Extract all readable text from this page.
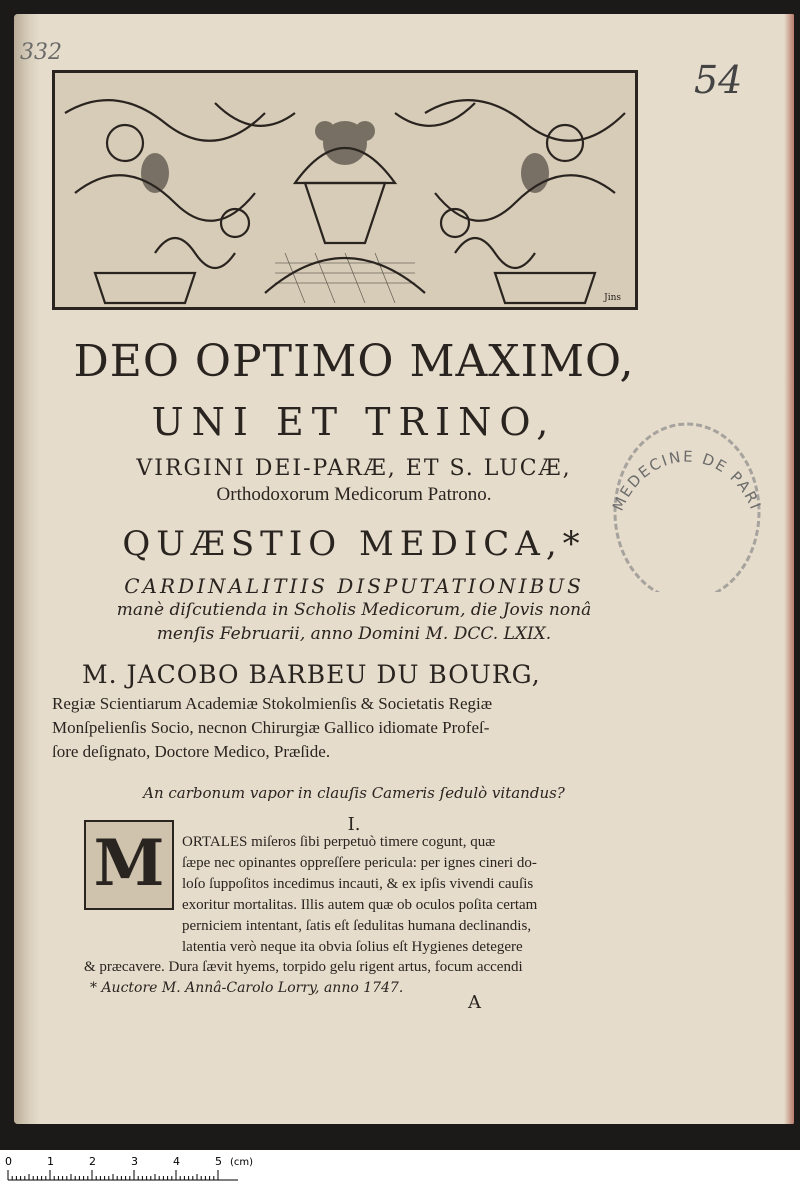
332
54
Jins
DEO OPTIMO MAXIMO,
UNI ET TRINO,
VIRGINI DEI-PARÆ, ET S. LUCÆ,
Orthodoxorum Medicorum Patrono.
QUÆSTIO MEDICA,*
CARDINALITIIS DISPUTATIONIBUS
manè diſcutienda in Scholis Medicorum, die Jovis nonâ
menſis Februarii, anno Domini M. DCC. LXIX.
M. JACOBO BARBEU DU BOURG,
Regiæ Scientiarum Academiæ Stokolmienſis & Societatis Regiæ
Monſpelienſis Socio, necnon Chirurgiæ Gallico idiomate Profeſ-
ſore deſignato, Doctore Medico, Præſide.
An carbonum vapor in clauſis Cameris ſedulò vitandus?
I.
M	ORTALES miſeros ſibi perpetuò timere cogunt, quæ
ſæpe nec opinantes oppreſſere pericula: per ignes cineri do-
loſo ſuppoſitos incedimus incauti, & ex ipſis vivendi cauſis
exoritur mortalitas. Illis autem quæ ob oculos poſita certam
perniciem intentant, ſatis eſt ſedulitas humana declinandis,
latentia verò neque ita obvia ſolius eſt Hygienes detegere
& præcavere. Dura ſævit hyems, torpido gelu rigent artus, focum accendi
* Auctore M. Annâ-Carolo Lorry, anno 1747.
A
MEDECINE DE PAR
0	1	2	3	4	5 (cm)
